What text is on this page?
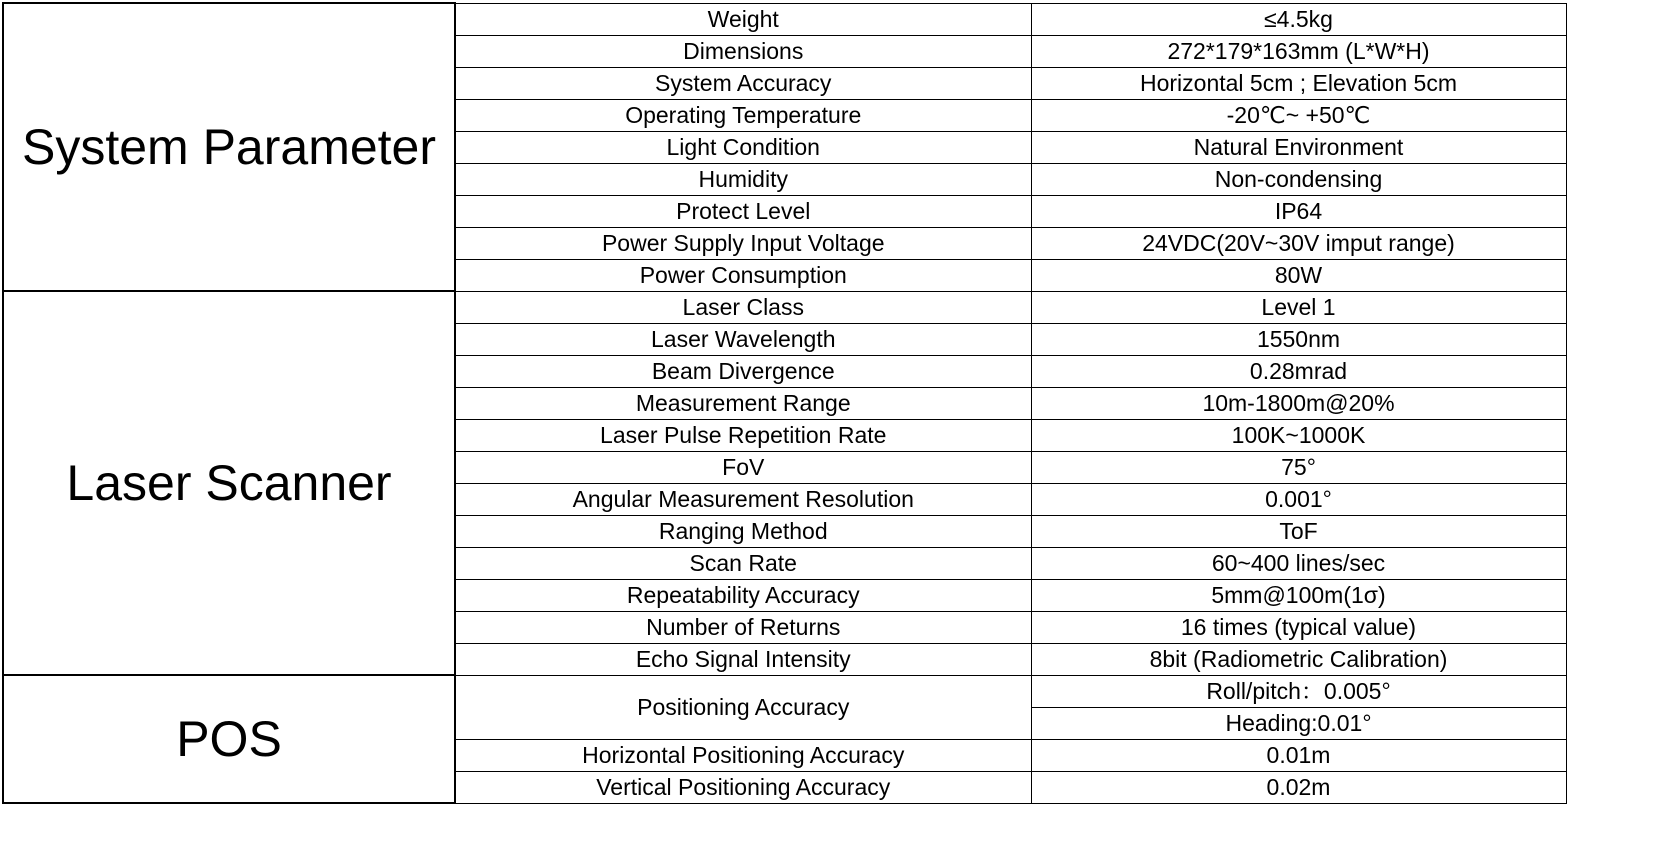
System Parameter	Weight	≤4.5kg
	Dimensions	272*179*163mm (L*W*H)
	System Accuracy	Horizontal 5cm ; Elevation 5cm
	Operating Temperature	-20℃~ +50℃
	Light Condition	Natural Environment
	Humidity	Non-condensing
	Protect Level	IP64
	Power Supply Input Voltage	24VDC(20V~30V imput range)
	Power Consumption	80W
Laser Scanner	Laser Class	Level 1
	Laser Wavelength	1550nm
	Beam Divergence	0.28mrad
	Measurement Range	10m-1800m@20%
	Laser Pulse Repetition Rate	100K~1000K
	FoV	75°
	Angular Measurement Resolution	0.001°
	Ranging Method	ToF
	Scan Rate	60~400 lines/sec
	Repeatability Accuracy	5mm@100m(1σ)
	Number of Returns	16 times (typical value)
	Echo Signal Intensity	8bit (Radiometric Calibration)
POS	Positioning Accuracy	Roll/pitch：0.005°
		Heading:0.01°
	Horizontal Positioning Accuracy	0.01m
	Vertical Positioning Accuracy	0.02m
